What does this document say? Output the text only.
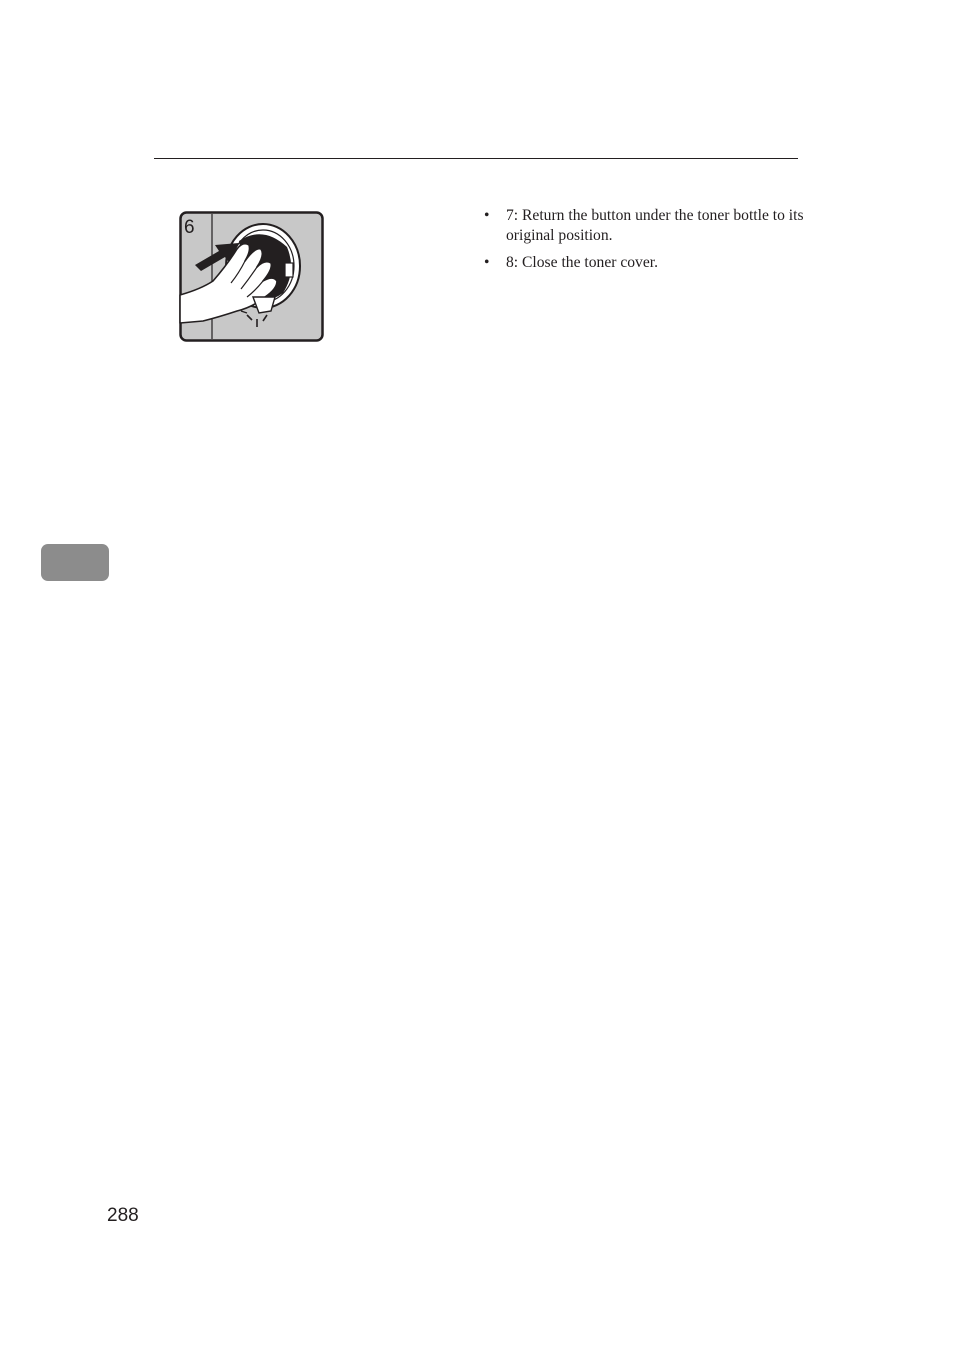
6
• 7: Return the button under the toner bottle to its original position.
• 8: Close the toner cover.
288
